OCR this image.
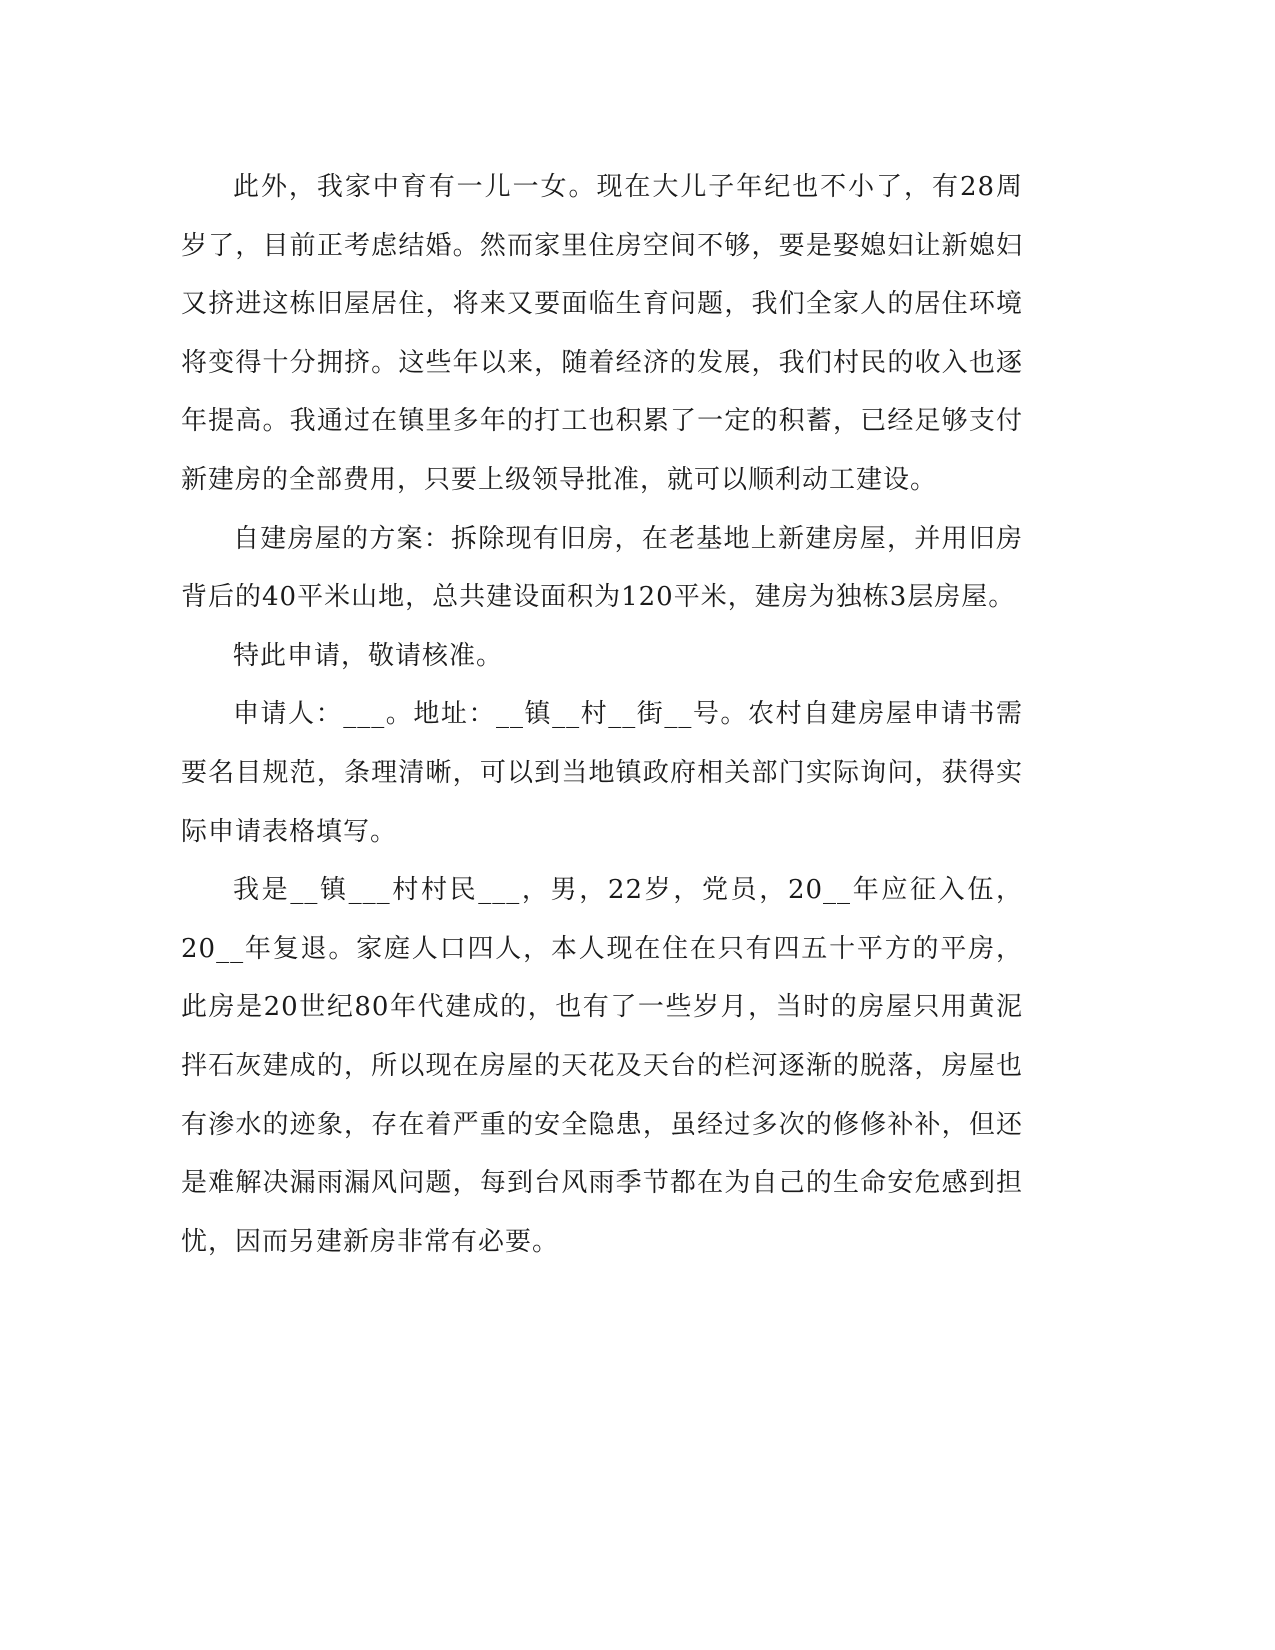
此外，我家中育有一儿一女。现在大儿子年纪也不小了，有28周岁了，目前正考虑结婚。然而家里住房空间不够，要是娶媳妇让新媳妇又挤进这栋旧屋居住，将来又要面临生育问题，我们全家人的居住环境将变得十分拥挤。这些年以来，随着经济的发展，我们村民的收入也逐年提高。我通过在镇里多年的打工也积累了一定的积蓄，已经足够支付新建房的全部费用，只要上级领导批准，就可以顺利动工建设。

自建房屋的方案：拆除现有旧房，在老基地上新建房屋，并用旧房背后的40平米山地，总共建设面积为120平米，建房为独栋3层房屋。

特此申请，敬请核准。

申请人：___。地址：__镇__村__街__号。农村自建房屋申请书需要名目规范，条理清晰，可以到当地镇政府相关部门实际询问，获得实际申请表格填写。

我是__镇___村村民___，男，22岁，党员，20__年应征入伍，20__年复退。家庭人口四人，本人现在住在只有四五十平方的平房，此房是20世纪80年代建成的，也有了一些岁月，当时的房屋只用黄泥拌石灰建成的，所以现在房屋的天花及天台的栏河逐渐的脱落，房屋也有渗水的迹象，存在着严重的安全隐患，虽经过多次的修修补补，但还是难解决漏雨漏风问题，每到台风雨季节都在为自己的生命安危感到担忧，因而另建新房非常有必要。
